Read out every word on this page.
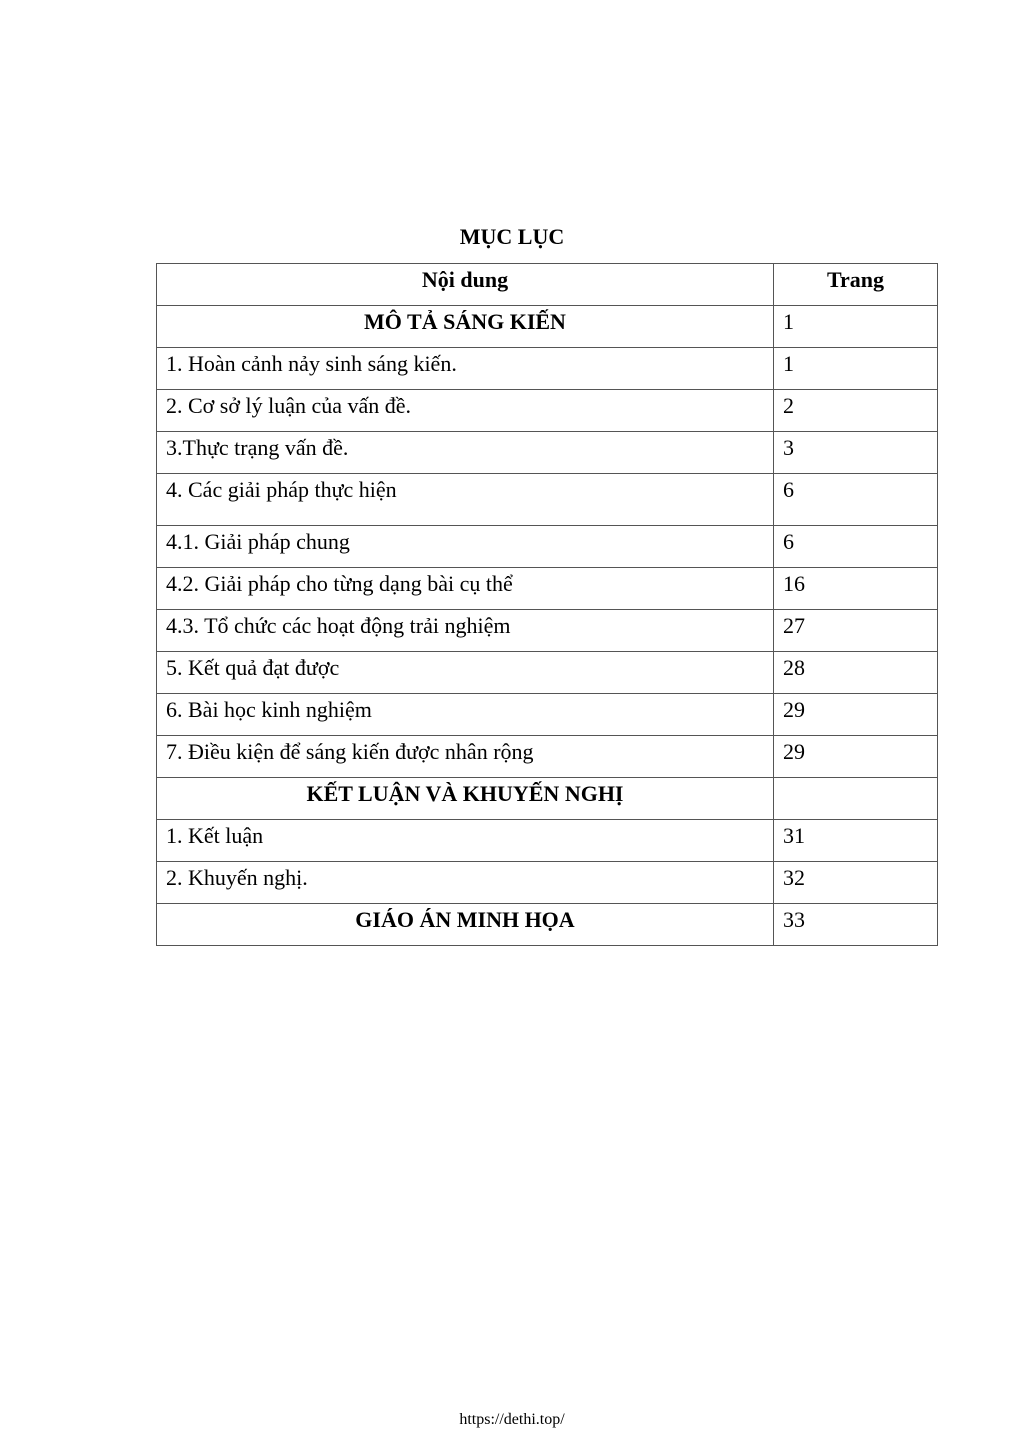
MỤC LỤC
Nội dung	Trang
MÔ TẢ SÁNG KIẾN	1
1. Hoàn cảnh nảy sinh sáng kiến.	1
2. Cơ sở lý luận của vấn đề.	2
3.Thực trạng vấn đề.	3
4. Các giải pháp thực hiện	6
4.1. Giải pháp chung	6
4.2. Giải pháp cho từng dạng bài cụ thể	16
4.3. Tổ chức các hoạt động trải nghiệm	27
5. Kết quả đạt được	28
6. Bài học kinh nghiệm	29
7. Điều kiện để sáng kiến được nhân rộng	29
KẾT LUẬN VÀ KHUYẾN NGHỊ	
1. Kết luận	31
2. Khuyến nghị.	32
GIÁO ÁN MINH HỌA	33
https://dethi.top/
